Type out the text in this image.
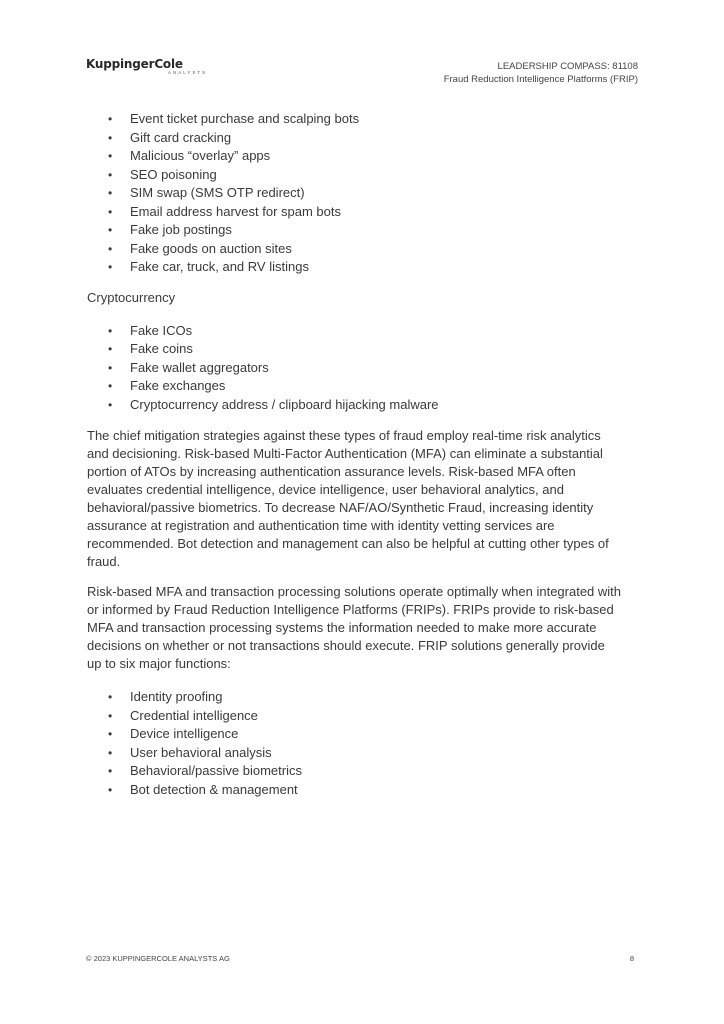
KuppingerCole
ANALYSTS
LEADERSHIP COMPASS: 81108
Fraud Reduction Intelligence Platforms (FRIP)
• Event ticket purchase and scalping bots
• Gift card cracking
• Malicious “overlay” apps
• SEO poisoning
• SIM swap (SMS OTP redirect)
• Email address harvest for spam bots
• Fake job postings
• Fake goods on auction sites
• Fake car, truck, and RV listings

Cryptocurrency

• Fake ICOs
• Fake coins
• Fake wallet aggregators
• Fake exchanges
• Cryptocurrency address / clipboard hijacking malware
The chief mitigation strategies against these types of fraud employ real-time risk analytics
and decisioning. Risk-based Multi-Factor Authentication (MFA) can eliminate a substantial
portion of ATOs by increasing authentication assurance levels. Risk-based MFA often
evaluates credential intelligence, device intelligence, user behavioral analytics, and
behavioral/passive biometrics. To decrease NAF/AO/Synthetic Fraud, increasing identity
assurance at registration and authentication time with identity vetting services are
recommended. Bot detection and management can also be helpful at cutting other types of
fraud.
Risk-based MFA and transaction processing solutions operate optimally when integrated with
or informed by Fraud Reduction Intelligence Platforms (FRIPs). FRIPs provide to risk-based
MFA and transaction processing systems the information needed to make more accurate
decisions on whether or not transactions should execute. FRIP solutions generally provide
up to six major functions:
• Identity proofing
• Credential intelligence
• Device intelligence
• User behavioral analysis
• Behavioral/passive biometrics
• Bot detection & management
© 2023 KUPPINGERCOLE ANALYSTS AG	8
